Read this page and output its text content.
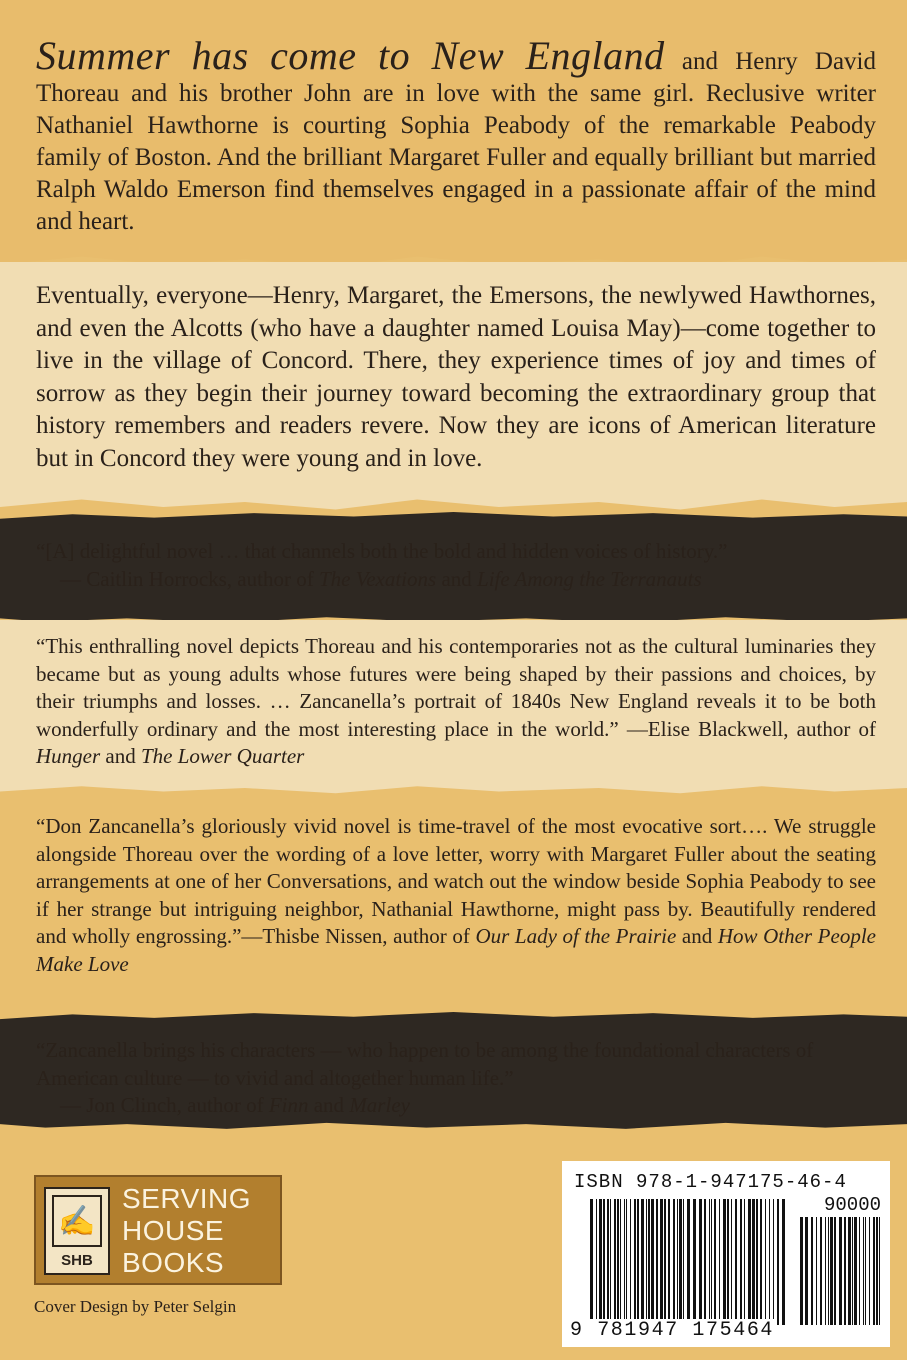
Summer has come to New England and Henry David Thoreau and his brother John are in love with the same girl. Reclusive writer Nathaniel Hawthorne is courting Sophia Peabody of the remarkable Peabody family of Boston. And the brilliant Margaret Fuller and equally brilliant but married Ralph Waldo Emerson find themselves engaged in a passionate affair of the mind and heart.

Eventually, everyone—Henry, Margaret, the Emersons, the newlywed Hawthornes, and even the Alcotts (who have a daughter named Louisa May)—come together to live in the village of Concord. There, they experience times of joy and times of sorrow as they begin their journey toward becoming the extraordinary group that history remembers and readers revere. Now they are icons of American literature but in Concord they were young and in love.

“[A] delightful novel … that channels both the bold and hidden voices of history.”
— Caitlin Horrocks, author of The Vexations and Life Among the Terranauts

“This enthralling novel depicts Thoreau and his contemporaries not as the cultural luminaries they became but as young adults whose futures were being shaped by their passions and choices, by their triumphs and losses. … Zancanella’s portrait of 1840s New England reveals it to be both wonderfully ordinary and the most interesting place in the world.” —Elise Blackwell, author of Hunger and The Lower Quarter

“Don Zancanella’s gloriously vivid novel is time-travel of the most evocative sort…. We struggle alongside Thoreau over the wording of a love letter, worry with Margaret Fuller about the seating arrangements at one of her Conversations, and watch out the window beside Sophia Peabody to see if her strange but intriguing neighbor, Nathanial Hawthorne, might pass by. Beautifully rendered and wholly engrossing.”—Thisbe Nissen, author of Our Lady of the Prairie and How Other People Make Love

“Zancanella brings his characters — who happen to be among the foundational characters of American culture — to vivid and altogether human life.”
— Jon Clinch, author of Finn and Marley

✍
SHB
SERVING
HOUSE
BOOKS
Cover Design by Peter Selgin
ISBN 978-1-947175-46-4
90000
9 781947 175464
